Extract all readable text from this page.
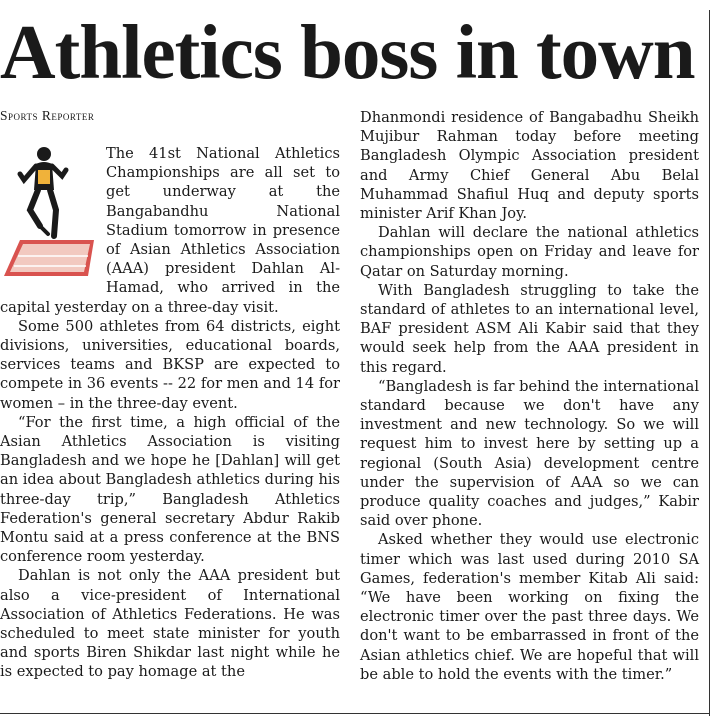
Athletics boss in town
Sports Reporter

The 41st National Athletics Championships are all set to get underway at the Bangabandhu National Stadium tomorrow in presence of Asian Athletics Association (AAA) president Dahlan Al-Hamad, who arrived in the capital yesterday on a three-day visit.

Some 500 athletes from 64 districts, eight divisions, universities, educational boards, services teams and BKSP are expected to compete in 36 events -- 22 for men and 14 for women – in the three-day event.

“For the first time, a high official of the Asian Athletics Association is visiting Bangladesh and we hope he [Dahlan] will get an idea about Bangladesh athletics during his three-day trip,” Bangladesh Athletics Federation's general secretary Abdur Rakib Montu said at a press conference at the BNS conference room yesterday.

Dahlan is not only the AAA president but also a vice-president of International Association of Athletics Federations. He was scheduled to meet state minister for youth and sports Biren Shikdar last night while he is expected to pay homage at the

Dhanmondi residence of Bangabadhu Sheikh Mujibur Rahman today before meeting Bangladesh Olympic Association president and Army Chief General Abu Belal Muhammad Shafiul Huq and deputy sports minister Arif Khan Joy.

Dahlan will declare the national athletics championships open on Friday and leave for Qatar on Saturday morning.

With Bangladesh struggling to take the standard of athletes to an international level, BAF president ASM Ali Kabir said that they would seek help from the AAA president in this regard.

“Bangladesh is far behind the international standard because we don't have any investment and new technology. So we will request him to invest here by setting up a regional (South Asia) development centre under the supervision of AAA so we can produce quality coaches and judges,” Kabir said over phone.

Asked whether they would use electronic timer which was last used during 2010 SA Games, federation's member Kitab Ali said: “We have been working on fixing the electronic timer over the past three days. We don't want to be embarrassed in front of the Asian athletics chief. We are hopeful that will be able to hold the events with the timer.”
